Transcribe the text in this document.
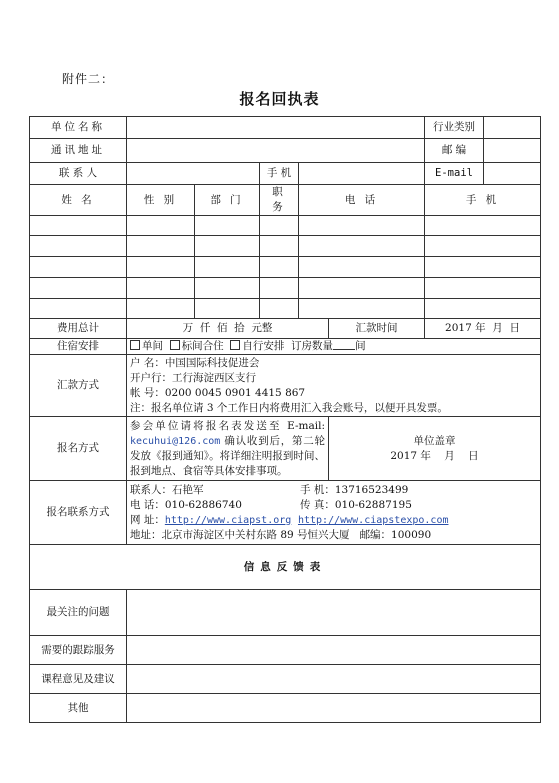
附件二：
报名回执表
单位名称						行业类别	
通讯地址						邮 编	
联 系 人			手 机			E-mail	
姓 名	性 别	部 门	职 务	电 话		手 机	

费用总计	万  仟  佰  拾  元整				汇款时间	2017 年  月  日	
住宿安排	单间 标间合住 自行安排 订房数量 间						
汇款方式	户 名：中国国际科技促进会
开户行：工行海淀西区支行
帐 号：0200 0045 0901 4415 867
注：报名单位请 3 个工作日内将费用汇入我会账号，以便开具发票。						

报名方式	参会单位请将报名表发送至 E-mail: kecuhui@126.com 确认收到后，第二轮发放《报到通知》。将详细注明报到时间、报到地点、食宿等具体安排事项。				单位盖章
2017 年    月    日		

报名联系方式	联系人：石艳军 手 机：13716523499
电 话：010-62886740 传 真：010-62887195
网 址：http://www.ciapst.org http://www.ciapstexpo.com
地址：北京市海淀区中关村东路 89 号恒兴大厦 邮编：100090						

信息反馈表							
最关注的问题							
需要的跟踪服务							
课程意见及建议							
其他							
